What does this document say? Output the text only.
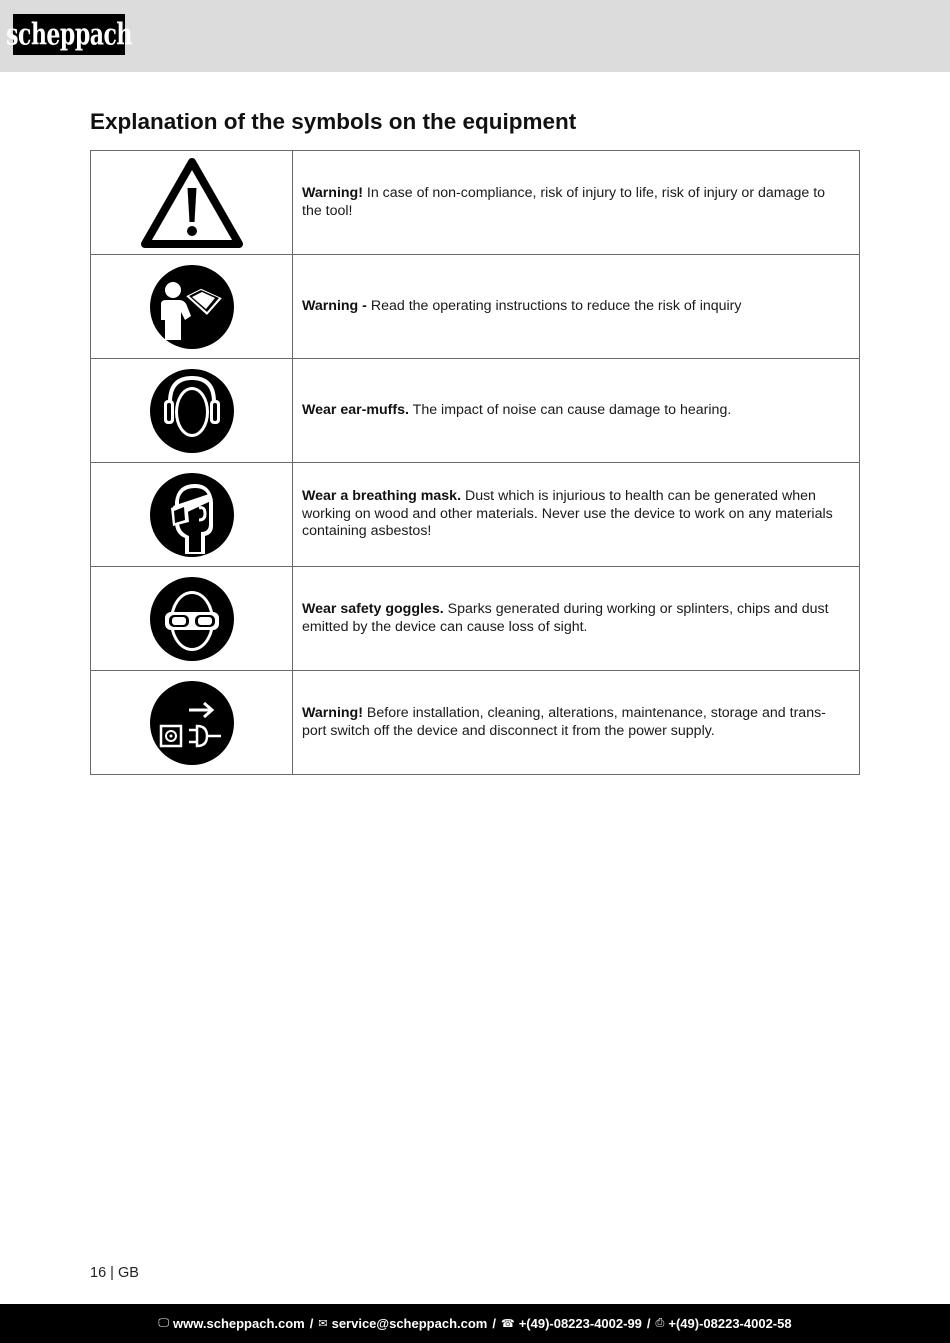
scheppach
Explanation of the symbols on the equipment
	Warning! In case of non-compliance, risk of injury to life, risk of injury or damage to the tool!

	Warning - Read the operating instructions to reduce the risk of inquiry

	Wear ear-muffs. The impact of noise can cause damage to hearing.

	Wear a breathing mask. Dust which is injurious to health can be generated when working on wood and other materials. Never use the device to work on any materials containing asbestos!

	Wear safety goggles. Sparks generated during working or splinters, chips and dust emitted by the device can cause loss of sight.

	Warning! Before installation, cleaning, alterations, maintenance, storage and trans-port switch off the device and disconnect it from the power supply.
16 | GB
🖵 www.scheppach.com / ✉ service@scheppach.com / ☎ +(49)-08223-4002-99 / ⎙ +(49)-08223-4002-58
